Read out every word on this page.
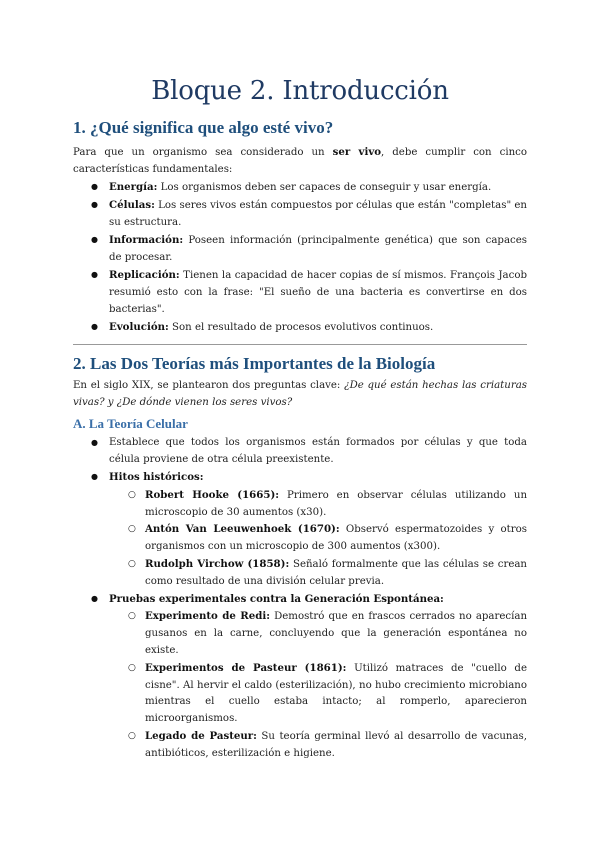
Bloque 2. Introducción
1. ¿Qué significa que algo esté vivo?

Para que un organismo sea considerado un ser vivo, debe cumplir con cinco características fundamentales:

● Energía: Los organismos deben ser capaces de conseguir y usar energía.
● Células: Los seres vivos están compuestos por células que están "completas" en su estructura.
● Información: Poseen información (principalmente genética) que son capaces de procesar.
● Replicación: Tienen la capacidad de hacer copias de sí mismos. François Jacob resumió esto con la frase: "El sueño de una bacteria es convertirse en dos bacterias".
● Evolución: Son el resultado de procesos evolutivos continuos.
2. Las Dos Teorías más Importantes de la Biología

En el siglo XIX, se plantearon dos preguntas clave: ¿De qué están hechas las criaturas vivas? y ¿De dónde vienen los seres vivos?

A. La Teoría Celular
● Establece que todos los organismos están formados por células y que toda célula proviene de otra célula preexistente.
● Hitos históricos:
○ Robert Hooke (1665): Primero en observar células utilizando un microscopio de 30 aumentos (x30).
○ Antón Van Leeuwenhoek (1670): Observó espermatozoides y otros organismos con un microscopio de 300 aumentos (x300).
○ Rudolph Virchow (1858): Señaló formalmente que las células se crean como resultado de una división celular previa.
● Pruebas experimentales contra la Generación Espontánea:
○ Experimento de Redi: Demostró que en frascos cerrados no aparecían gusanos en la carne, concluyendo que la generación espontánea no existe.
○ Experimentos de Pasteur (1861): Utilizó matraces de "cuello de cisne". Al hervir el caldo (esterilización), no hubo crecimiento microbiano mientras el cuello estaba intacto; al romperlo, aparecieron microorganismos.
○ Legado de Pasteur: Su teoría germinal llevó al desarrollo de vacunas, antibióticos, esterilización e higiene.
